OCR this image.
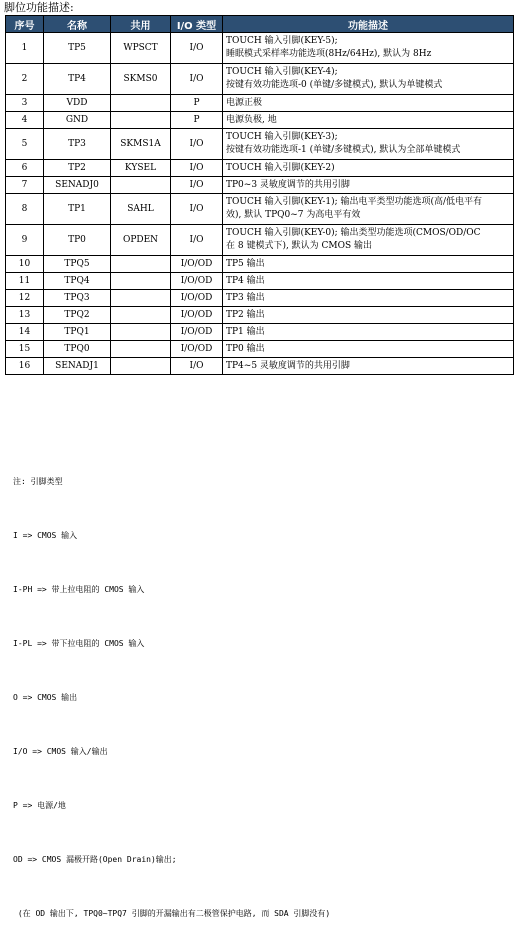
脚位功能描述:
序号	名称	共用	I/O 类型	功能描述
1	TP5	WPSCT	I/O	TOUCH 输入引脚(KEY-5);
睡眠模式采样率功能选项(8Hz/64Hz), 默认为 8Hz
2	TP4	SKMS0	I/O	TOUCH 输入引脚(KEY-4);
按键有效功能选项-0 (单键/多键模式), 默认为单键模式
3	VDD		P	电源正极
4	GND		P	电源负极, 地
5	TP3	SKMS1A	I/O	TOUCH 输入引脚(KEY-3);
按键有效功能选项-1 (单键/多键模式), 默认为全部单键模式
6	TP2	KYSEL	I/O	TOUCH 输入引脚(KEY-2)
7	SENADJ0		I/O	TP0~3 灵敏度调节的共用引脚
8	TP1	SAHL	I/O	TOUCH 输入引脚(KEY-1); 输出电平类型功能选项(高/低电平有
效), 默认 TPQ0~7 为高电平有效
9	TP0	OPDEN	I/O	TOUCH 输入引脚(KEY-0); 输出类型功能选项(CMOS/OD/OC
在 8 键模式下), 默认为 CMOS 输出
10	TPQ5		I/O/OD	TP5 输出
11	TPQ4		I/O/OD	TP4 输出
12	TPQ3		I/O/OD	TP3 输出
13	TPQ2		I/O/OD	TP2 输出
14	TPQ1		I/O/OD	TP1 输出
15	TPQ0		I/O/OD	TP0 输出
16	SENADJ1		I/O	TP4~5 灵敏度调节的共用引脚

注: 引脚类型

I => CMOS 输入

I-PH => 带上拉电阻的 CMOS 输入

I-PL => 带下拉电阻的 CMOS 输入

O => CMOS 输出

I/O => CMOS 输入/输出

P => 电源/地

OD => CMOS 漏极开路(Open Drain)输出;

(在 OD 输出下, TPQ0~TPQ7 引脚的开漏输出有二极管保护电路, 而 SDA 引脚没有)
